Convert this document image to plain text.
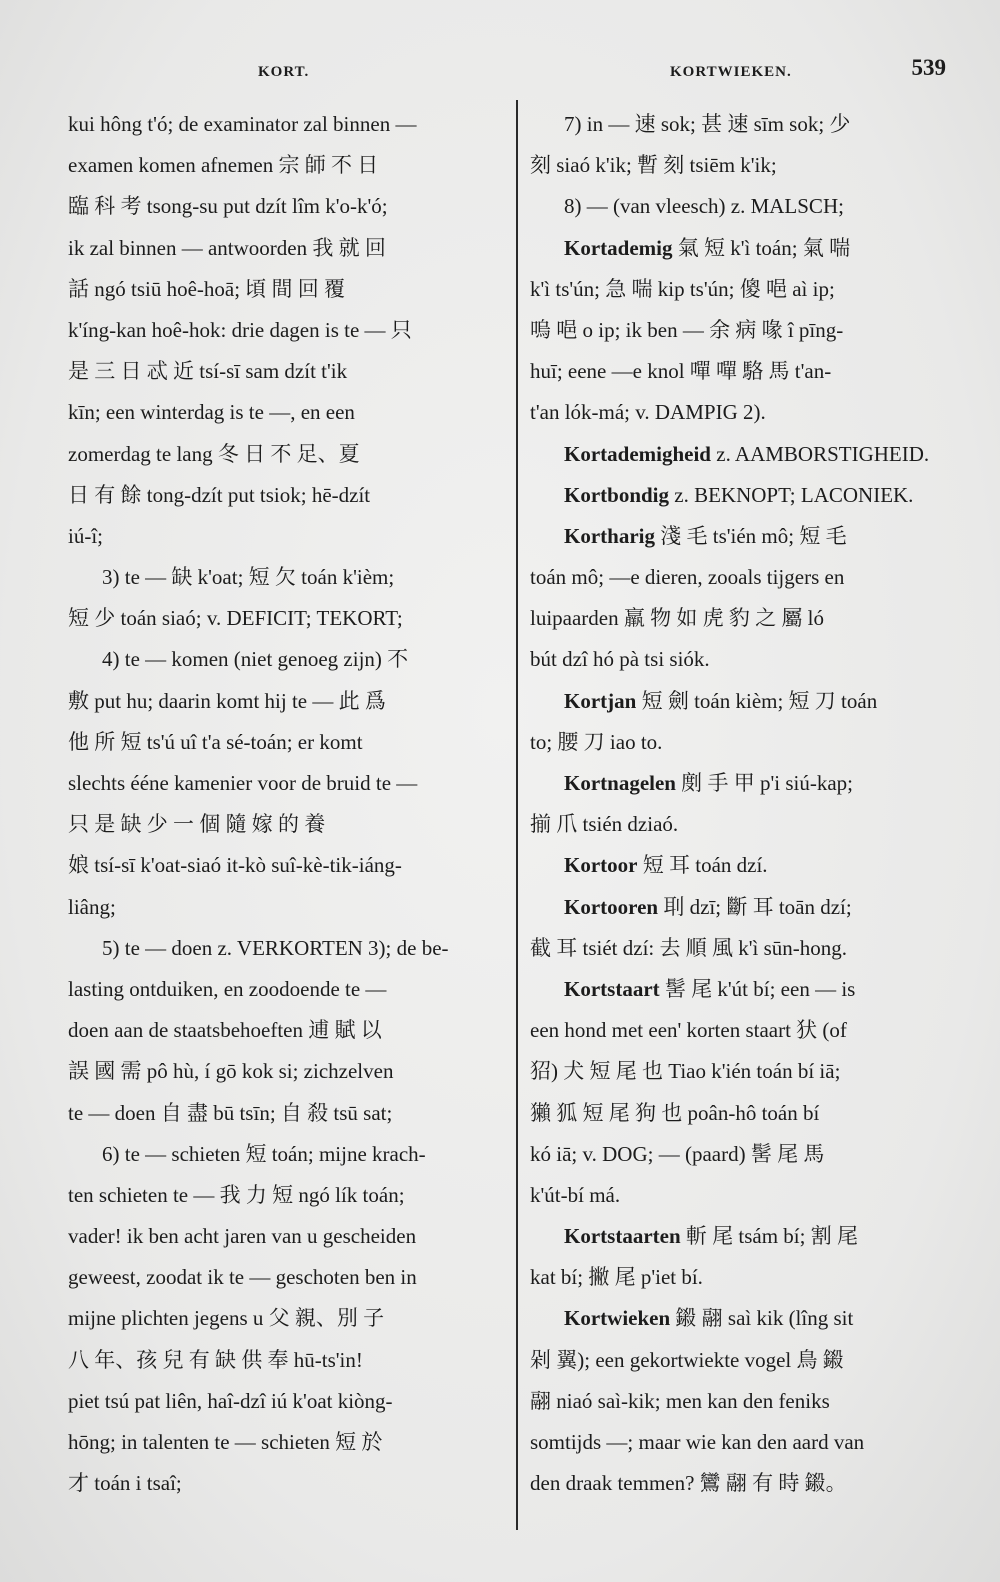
KORT.	KORTWIEKEN.	539
kui hông t'ó; de examinator zal binnen —
examen komen afnemen 宗 師 不 日
臨 科 考 tsong-su put dzít lîm k'o-k'ó;
ik zal binnen — antwoorden 我 就 回
話 ngó tsiū hoê-hoā; 頃 間 回 覆
k'íng-kan hoê-hok: drie dagen is te — 只
是 三 日 忒 近 tsí-sī sam dzít t'ik
kīn; een winterdag is te —, en een
zomerdag te lang 冬 日 不 足、夏
日 有 餘 tong-dzít put tsiok; hē-dzít
iú-î;
3) te — 缺 k'oat; 短 欠 toán k'ièm;
短 少 toán siaó; v. DEFICIT; TEKORT;
4) te — komen (niet genoeg zijn) 不
敷 put hu; daarin komt hij te — 此 爲
他 所 短 ts'ú uî t'a sé-toán; er komt
slechts ééne kamenier voor de bruid te —
只 是 缺 少 一 個 隨 嫁 的 養
娘 tsí-sī k'oat-siaó it-kò suî-kè-tik-iáng-
liâng;
5) te — doen z. VERKORTEN 3); de be-
lasting ontduiken, en zoodoende te —
doen aan de staatsbehoeften 逋 賦 以
誤 國 需 pô hù, í gō kok si; zichzelven
te — doen 自 盡 bū tsīn; 自 殺 tsū sat;
6) te — schieten 短 toán; mijne krach-
ten schieten te — 我 力 短 ngó lík toán;
vader! ik ben acht jaren van u gescheiden
geweest, zoodat ik te — geschoten ben in
mijne plichten jegens u 父 親、別 子
八 年、孩 兒 有 缺 供 奉 hū-ts'in!
piet tsú pat liên, haî-dzî iú k'oat kiòng-
hōng; in talenten te — schieten 短 於
才 toán i tsaî;
7) in — 速 sok; 甚 速 sīm sok; 少
刻 siaó k'ik; 暫 刻 tsiēm k'ik;
8) — (van vleesch) z. MALSCH;
Kortademig 氣 短 k'ì toán; 氣 喘
k'ì ts'ún; 急 喘 kip ts'ún; 傻 唈 aì ip;
嗚 唈 o ip; ik ben — 余 病 喙 î pīng-
huī; eene —e knol 嘽 嘽 駱 馬 t'an-
t'an lók-má; v. DAMPIG 2).
Kortademigheid z. AAMBORSTIGHEID.
Kortbondig z. BEKNOPT; LACONIEK.
Kortharig 淺 毛 ts'ién mô; 短 毛
toán mô; —e dieren, zooals tijgers en
luipaarden 羸 物 如 虎 豹 之 屬 ló
bút dzî hó pà tsi siók.
Kortjan 短 劍 toán kièm; 短 刀 toán
to; 腰 刀 iao to.
Kortnagelen 剫 手 甲 p'i siú-kap;
揃 爪 tsién dziaó.
Kortoor 短 耳 toán dzí.
Kortooren 刵 dzī; 斷 耳 toān dzí;
截 耳 tsiét dzí: 去 順 風 k'ì sūn-hong.
Kortstaart 髺 尾 k'út bí; een — is
een hond met een' korten staart 犾 (of
㹦) 犬 短 尾 也 Tiao k'ién toán bí iā;
獺 狐 短 尾 狗 也 poân-hô toán bí
kó iā; v. DOG; — (paard) 髺 尾 馬
k'út-bí má.
Kortstaarten 斬 尾 tsám bí; 割 尾
kat bí; 撇 尾 p'iet bí.
Kortwieken 鎩 翮 saì kik (lîng sit
剁 翼); een gekortwiekte vogel 鳥 鎩
翮 niaó saì-kik; men kan den feniks
somtijds —; maar wie kan den aard van
den draak temmen? 鸞 翮 有 時 鎩。
